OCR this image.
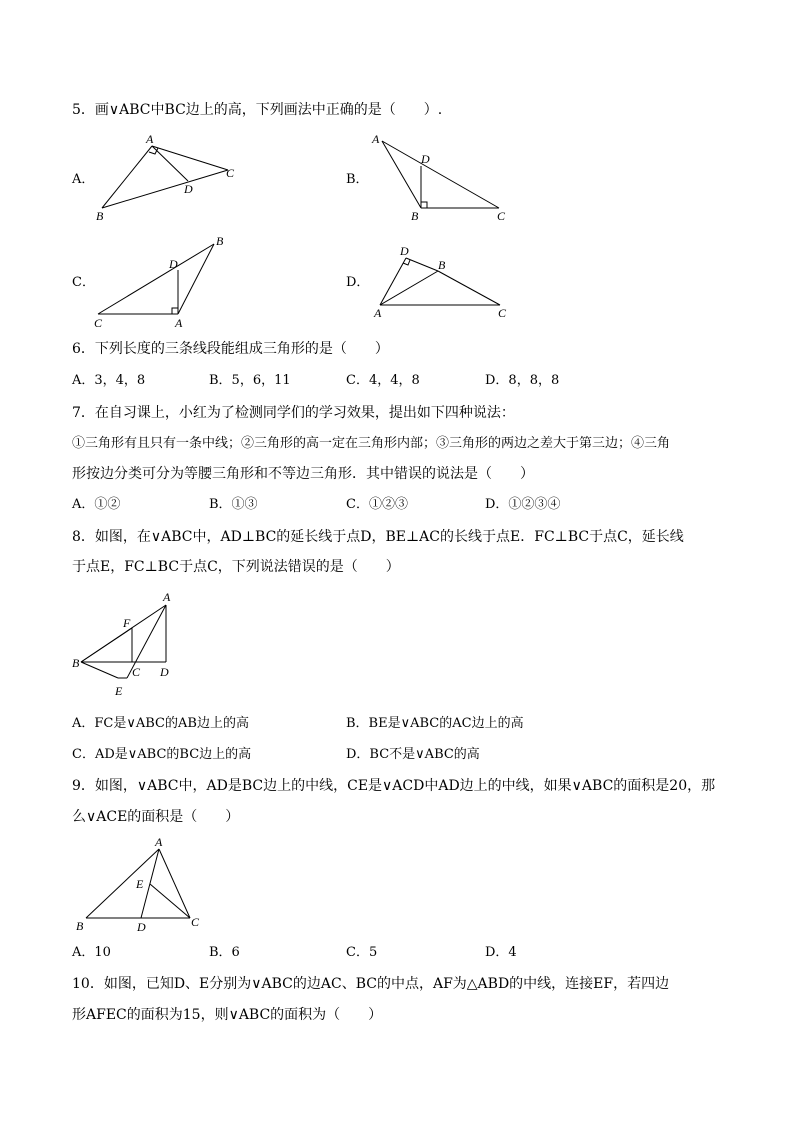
5．画∨ABC中BC边上的高，下列画法中正确的是（　　）.
A．
A
B
C
D
B．
A
B	C
D
C．
B
C	A
D
D．
D
B
A	C
6．下列长度的三条线段能组成三角形的是（　　）
A．3，4，8	B．5，6，11	C．4，4，8	D．8，8，8
7．在自习课上，小红为了检测同学们的学习效果，提出如下四种说法：
①三角形有且只有一条中线；②三角形的高一定在三角形内部；③三角形的两边之差大于第三边；④三角
形按边分类可分为等腰三角形和不等边三角形．其中错误的说法是（　　）
A．①②	B．①③	C．①②③	D．①②③④
8．如图，在∨ABC中，AD⊥BC的延长线于点D，BE⊥AC的长线于点E．FC⊥BC于点C，延长线
于点E，FC⊥BC于点C，下列说法错误的是（　　）
A
B
C D
E
F
A．FC是∨ABC的AB边上的高	B．BE是∨ABC的AC边上的高
C．AD是∨ABC的BC边上的高	D．BC不是∨ABC的高
9．如图，∨ABC中，AD是BC边上的中线，CE是∨ACD中AD边上的中线，如果∨ABC的面积是20，那
么∨ACE的面积是（　　）
A
B	C
D
E
A．10	B．6	C．5	D．4
10．如图，已知D、E分别为∨ABC的边AC、BC的中点，AF为△ABD的中线，连接EF，若四边
形AFEC的面积为15，则∨ABC的面积为（　　）
